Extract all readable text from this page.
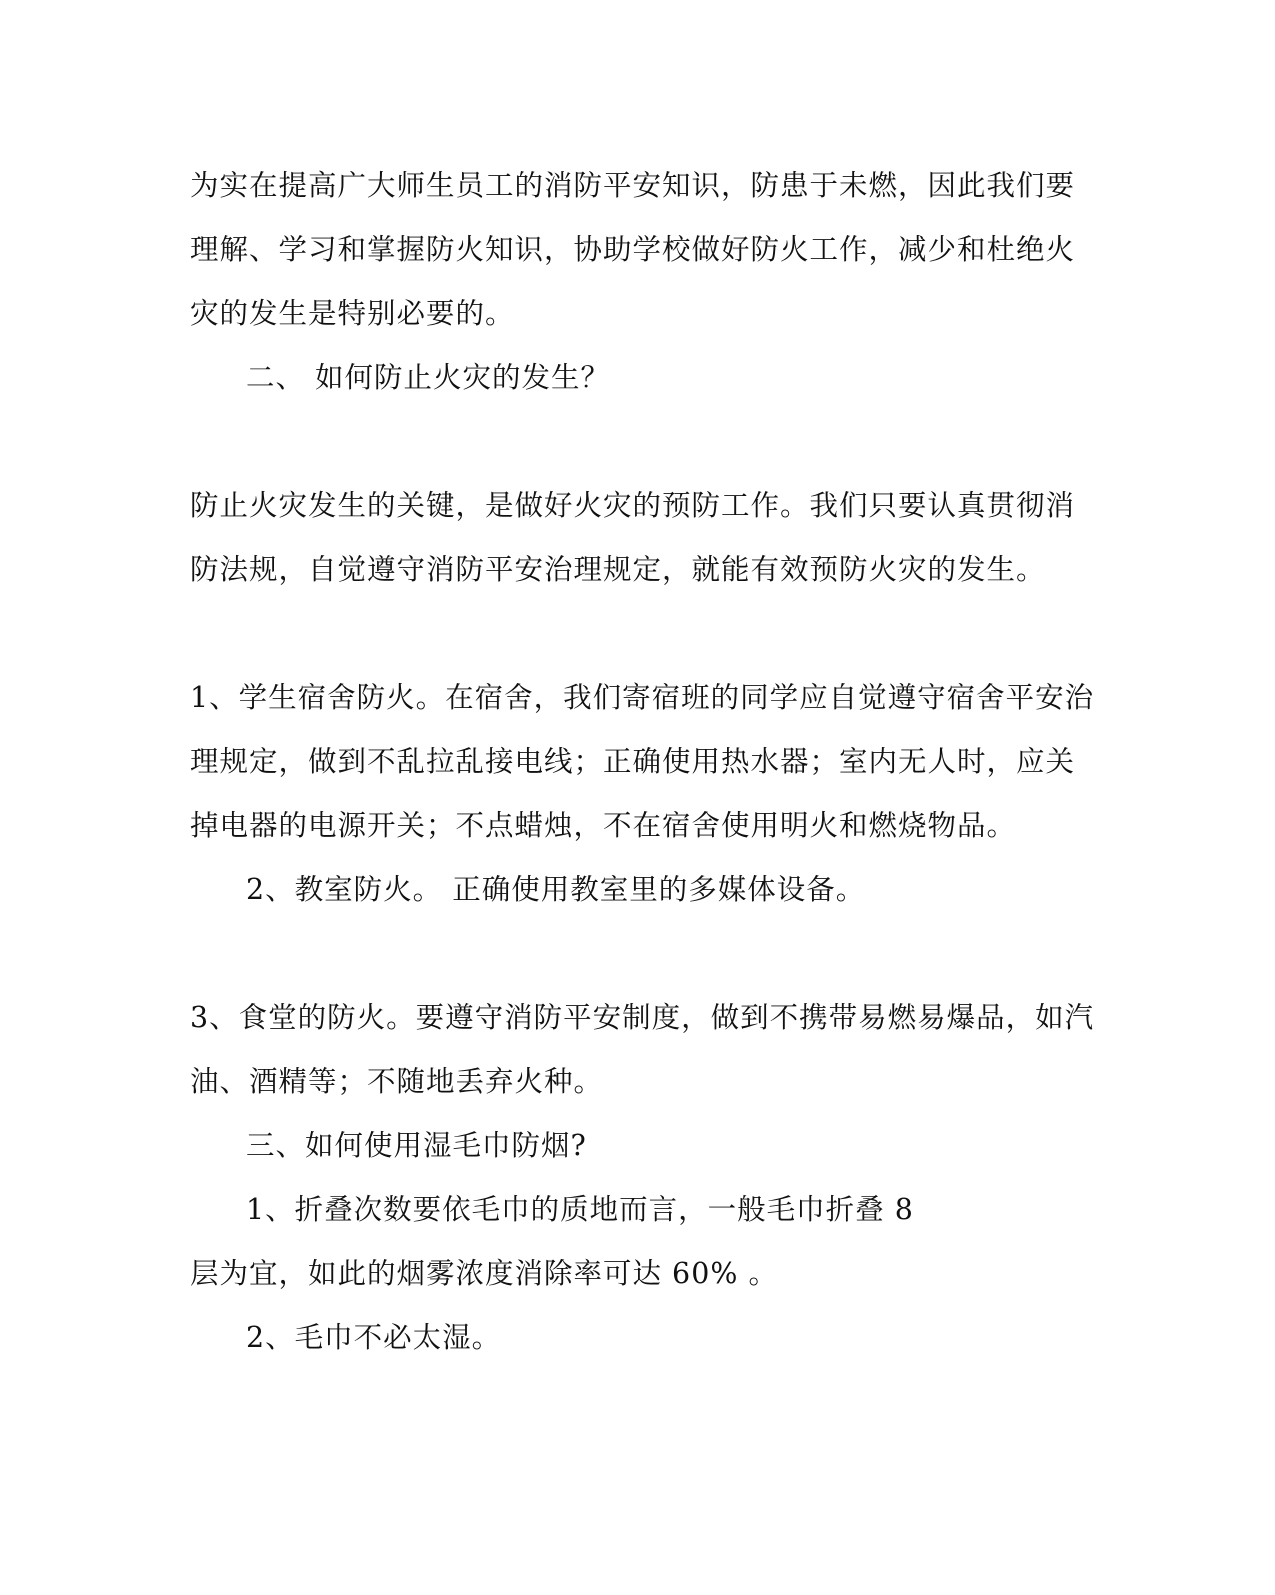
为实在提高广大师生员工的消防平安知识，防患于未燃，因此我们要
理解、学习和掌握防火知识，协助学校做好防火工作，减少和杜绝火
灾的发生是特别必要的。
二、 如何防止火灾的发生？
防止火灾发生的关键，是做好火灾的预防工作。我们只要认真贯彻消
防法规，自觉遵守消防平安治理规定，就能有效预防火灾的发生。
1、学生宿舍防火。在宿舍，我们寄宿班的同学应自觉遵守宿舍平安治
理规定，做到不乱拉乱接电线；正确使用热水器；室内无人时，应关
掉电器的电源开关；不点蜡烛，不在宿舍使用明火和燃烧物品。
2、教室防火。 正确使用教室里的多媒体设备。
3、食堂的防火。要遵守消防平安制度，做到不携带易燃易爆品，如汽
油、酒精等；不随地丢弃火种。
三、如何使用湿毛巾防烟?
1、折叠次数要依毛巾的质地而言，一般毛巾折叠 8
层为宜，如此的烟雾浓度消除率可达 60% 。
2、毛巾不必太湿。
